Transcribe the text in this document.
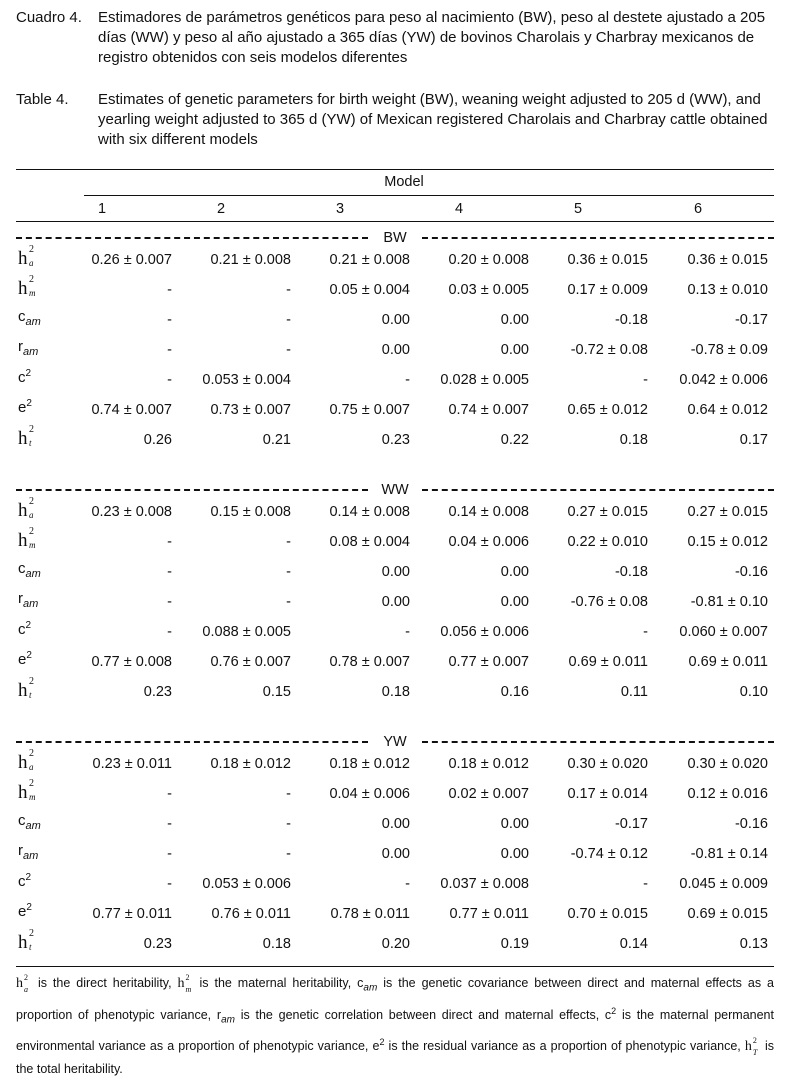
Cuadro 4. Estimadores de parámetros genéticos para peso al nacimiento (BW), peso al destete ajustado a 205 días (WW) y peso al año ajustado a 365 días (YW) de bovinos Charolais y Charbray mexicanos de registro obtenidos con seis modelos diferentes
Table 4. Estimates of genetic parameters for birth weight (BW), weaning weight adjusted to 205 d (WW), and yearling weight adjusted to 365 d (YW) of Mexican registered Charolais and Charbray cattle obtained with six different models
Model
1	2	3	4	5	6
BW
h 2
a	0.26 ± 0.007	0.21 ± 0.008	0.21 ± 0.008	0.20 ± 0.008	0.36 ± 0.015	0.36 ± 0.015
h 2
m	-	-	0.05 ± 0.004	0.03 ± 0.005	0.17 ± 0.009	0.13 ± 0.010
$c_{am}$	-	-	0.00	0.00	-0.18	-0.17
$r_{am}$	-	-	0.00	0.00	-0.72 ± 0.08	-0.78 ± 0.09
$c^2$	-	0.053 ± 0.004	-	0.028 ± 0.005	-	0.042 ± 0.006
$e^2$	0.74 ± 0.007	0.73 ± 0.007	0.75 ± 0.007	0.74 ± 0.007	0.65 ± 0.012	0.64 ± 0.012
h 2
t	0.26	0.21	0.23	0.22	0.18	0.17
WW
h 2
a	0.23 ± 0.008	0.15 ± 0.008	0.14 ± 0.008	0.14 ± 0.008	0.27 ± 0.015	0.27 ± 0.015
h 2
m	-	-	0.08 ± 0.004	0.04 ± 0.006	0.22 ± 0.010	0.15 ± 0.012
$c_{am}$	-	-	0.00	0.00	-0.18	-0.16
$r_{am}$	-	-	0.00	0.00	-0.76 ± 0.08	-0.81 ± 0.10
$c^2$	-	0.088 ± 0.005	-	0.056 ± 0.006	-	0.060 ± 0.007
$e^2$	0.77 ± 0.008	0.76 ± 0.007	0.78 ± 0.007	0.77 ± 0.007	0.69 ± 0.011	0.69 ± 0.011
h 2
t	0.23	0.15	0.18	0.16	0.11	0.10
YW
h 2
a	0.23 ± 0.011	0.18 ± 0.012	0.18 ± 0.012	0.18 ± 0.012	0.30 ± 0.020	0.30 ± 0.020
h 2
m	-	-	0.04 ± 0.006	0.02 ± 0.007	0.17 ± 0.014	0.12 ± 0.016
$c_{am}$	-	-	0.00	0.00	-0.17	-0.16
$r_{am}$	-	-	0.00	0.00	-0.74 ± 0.12	-0.81 ± 0.14
$c^2$	-	0.053 ± 0.006	-	0.037 ± 0.008	-	0.045 ± 0.009
$e^2$	0.77 ± 0.011	0.76 ± 0.011	0.78 ± 0.011	0.77 ± 0.011	0.70 ± 0.015	0.69 ± 0.015
h 2
t	0.23	0.18	0.20	0.19	0.14	0.13
h 2
a is the direct heritability, h 2
m is the maternal heritability, $c_{am}$ is the genetic covariance between direct and maternal effects as a proportion of phenotypic variance, $r_{am}$ is the genetic correlation between direct and maternal effects, $c^2$ is the maternal permanent environmental variance as a proportion of phenotypic variance, $e^2$ is the residual variance as a proportion of phenotypic variance, h 2
T is the total heritability.
